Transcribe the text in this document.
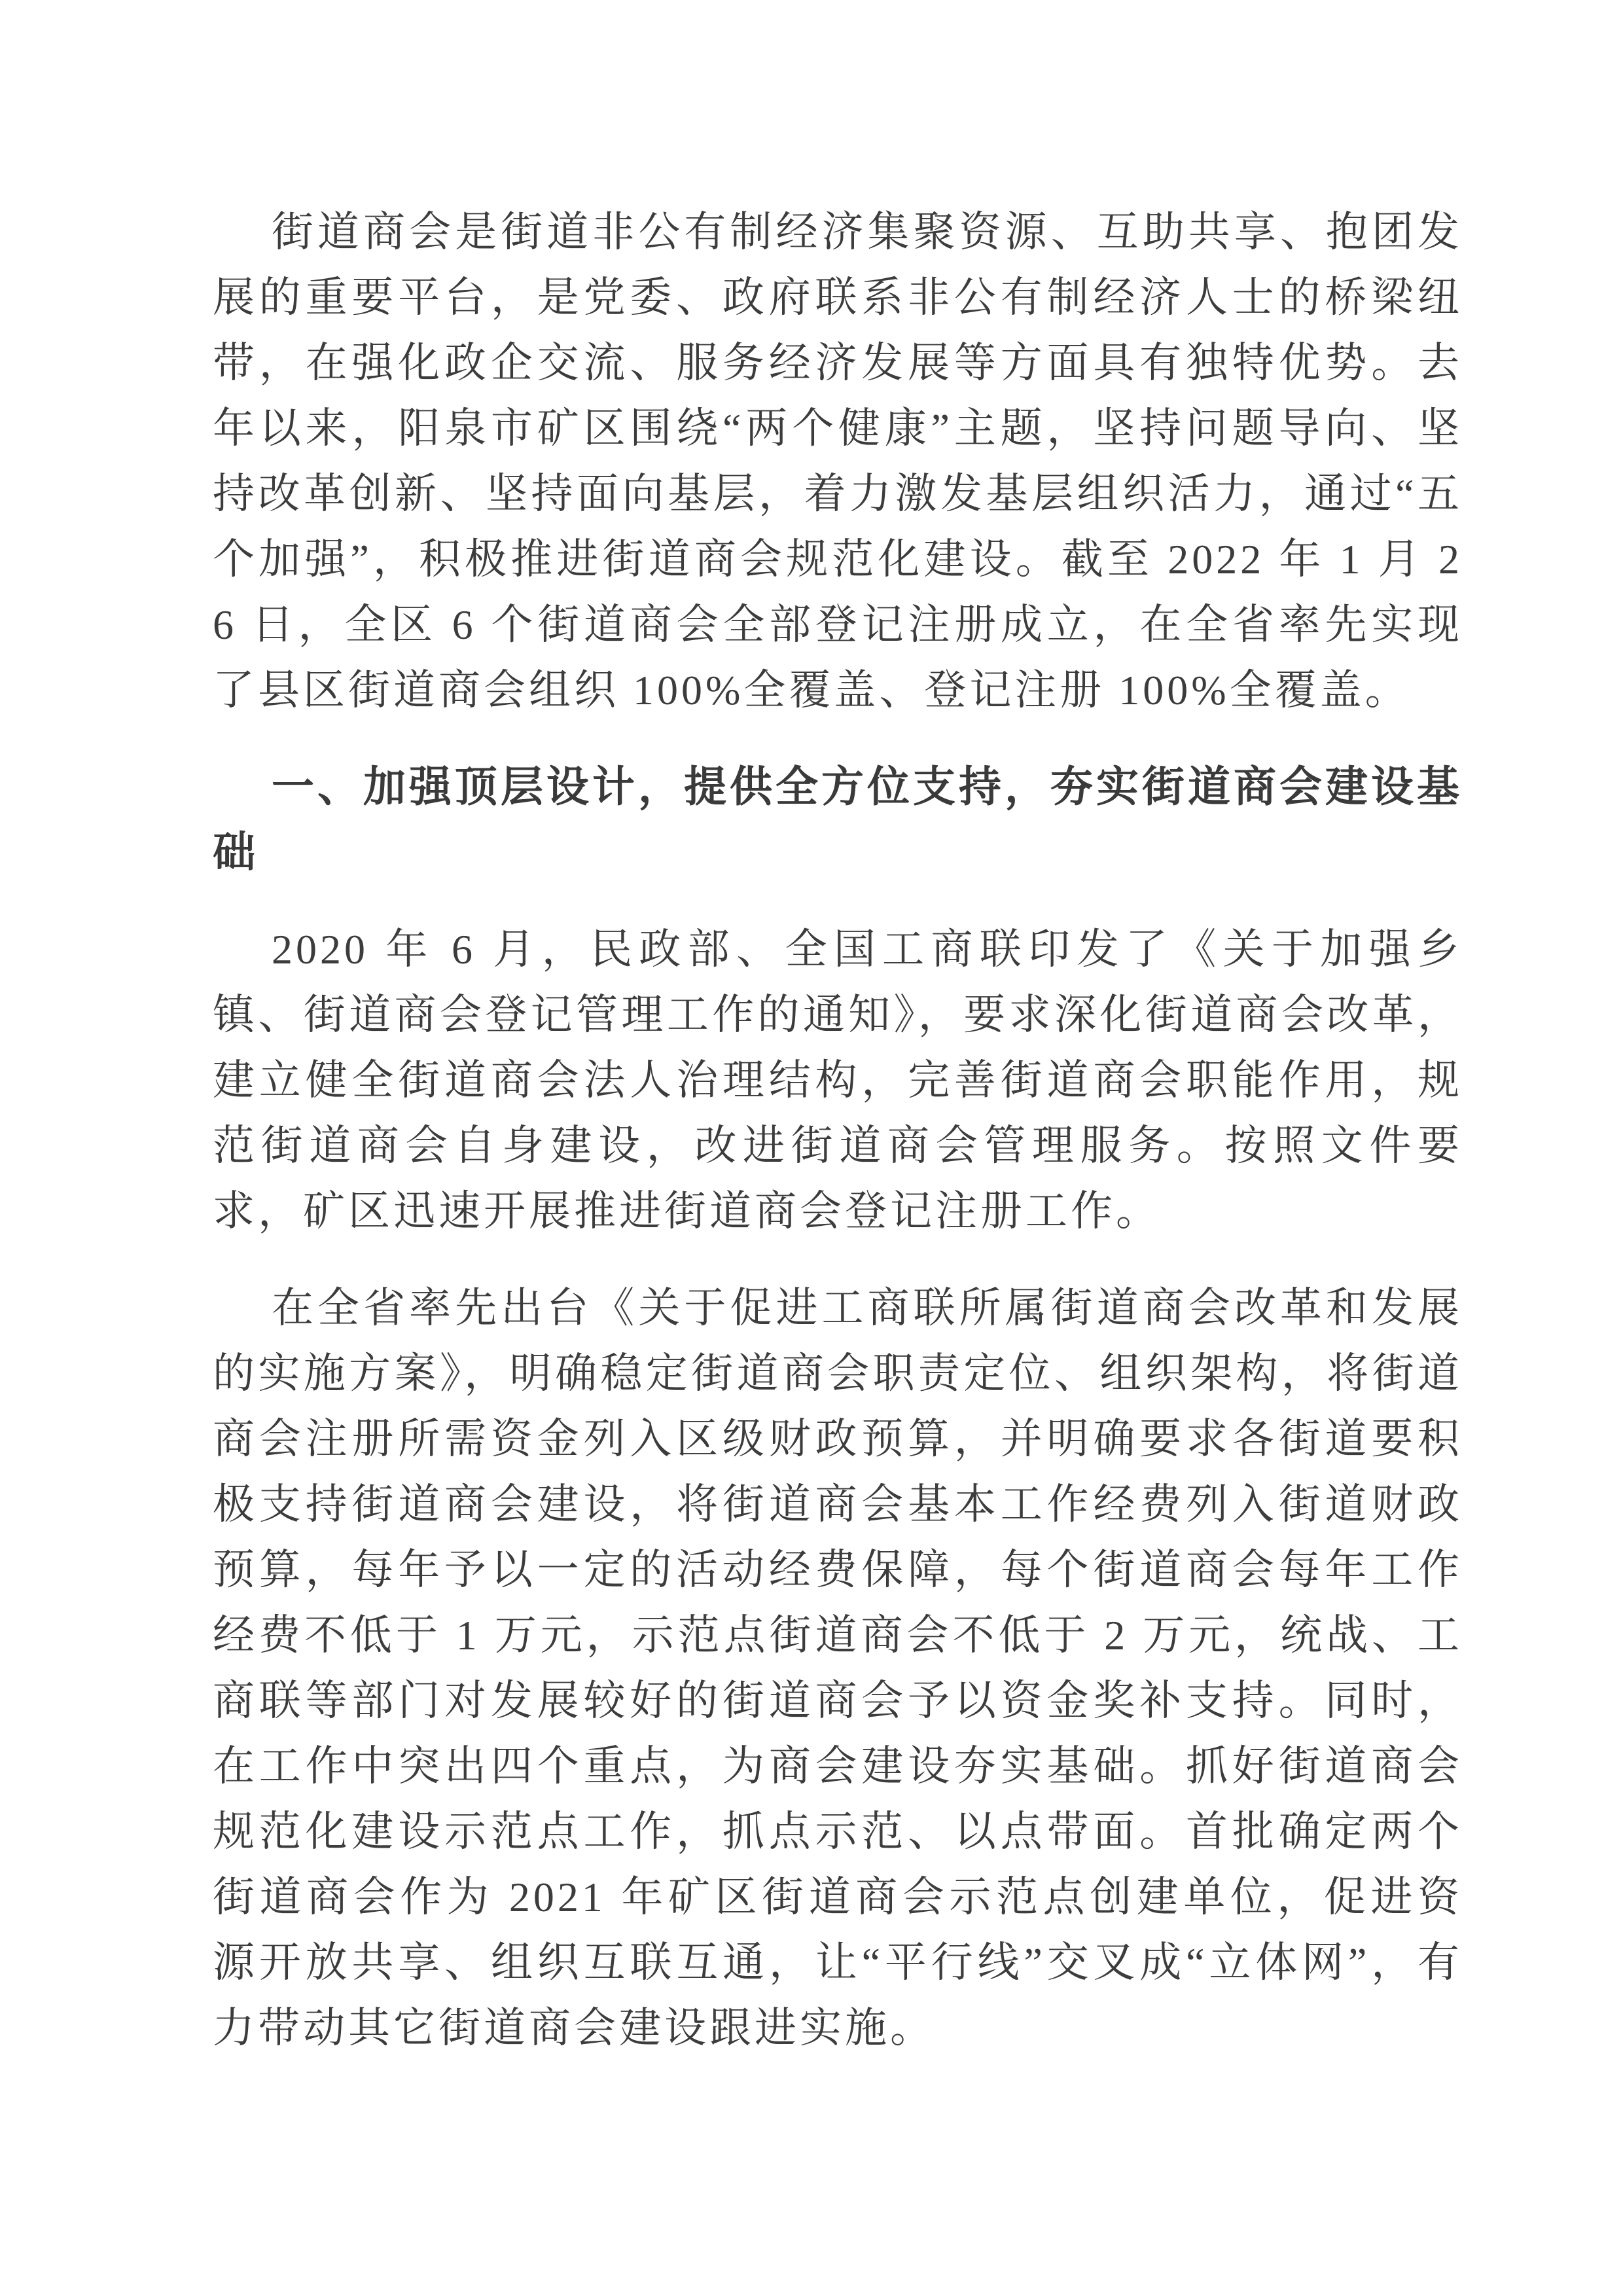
街道商会是街道非公有制经济集聚资源、互助共享、抱团发展的重要平台，是党委、政府联系非公有制经济人士的桥梁纽带，在强化政企交流、服务经济发展等方面具有独特优势。去年以来，阳泉市矿区围绕“两个健康”主题，坚持问题导向、坚持改革创新、坚持面向基层，着力激发基层组织活力，通过“五个加强”，积极推进街道商会规范化建设。截至 2022 年 1 月 26 日，全区 6 个街道商会全部登记注册成立，在全省率先实现了县区街道商会组织 100%全覆盖、登记注册 100%全覆盖。

一、加强顶层设计，提供全方位支持，夯实街道商会建设基础

2020 年 6 月，民政部、全国工商联印发了《关于加强乡镇、街道商会登记管理工作的通知》，要求深化街道商会改革，建立健全街道商会法人治理结构，完善街道商会职能作用，规范街道商会自身建设，改进街道商会管理服务。按照文件要求，矿区迅速开展推进街道商会登记注册工作。

在全省率先出台《关于促进工商联所属街道商会改革和发展的实施方案》，明确稳定街道商会职责定位、组织架构，将街道商会注册所需资金列入区级财政预算，并明确要求各街道要积极支持街道商会建设，将街道商会基本工作经费列入街道财政预算，每年予以一定的活动经费保障，每个街道商会每年工作经费不低于 1 万元，示范点街道商会不低于 2 万元，统战、工商联等部门对发展较好的街道商会予以资金奖补支持。同时，在工作中突出四个重点，为商会建设夯实基础。抓好街道商会规范化建设示范点工作，抓点示范、以点带面。首批确定两个街道商会作为 2021 年矿区街道商会示范点创建单位，促进资源开放共享、组织互联互通，让“平行线”交叉成“立体网”，有力带动其它街道商会建设跟进实施。
